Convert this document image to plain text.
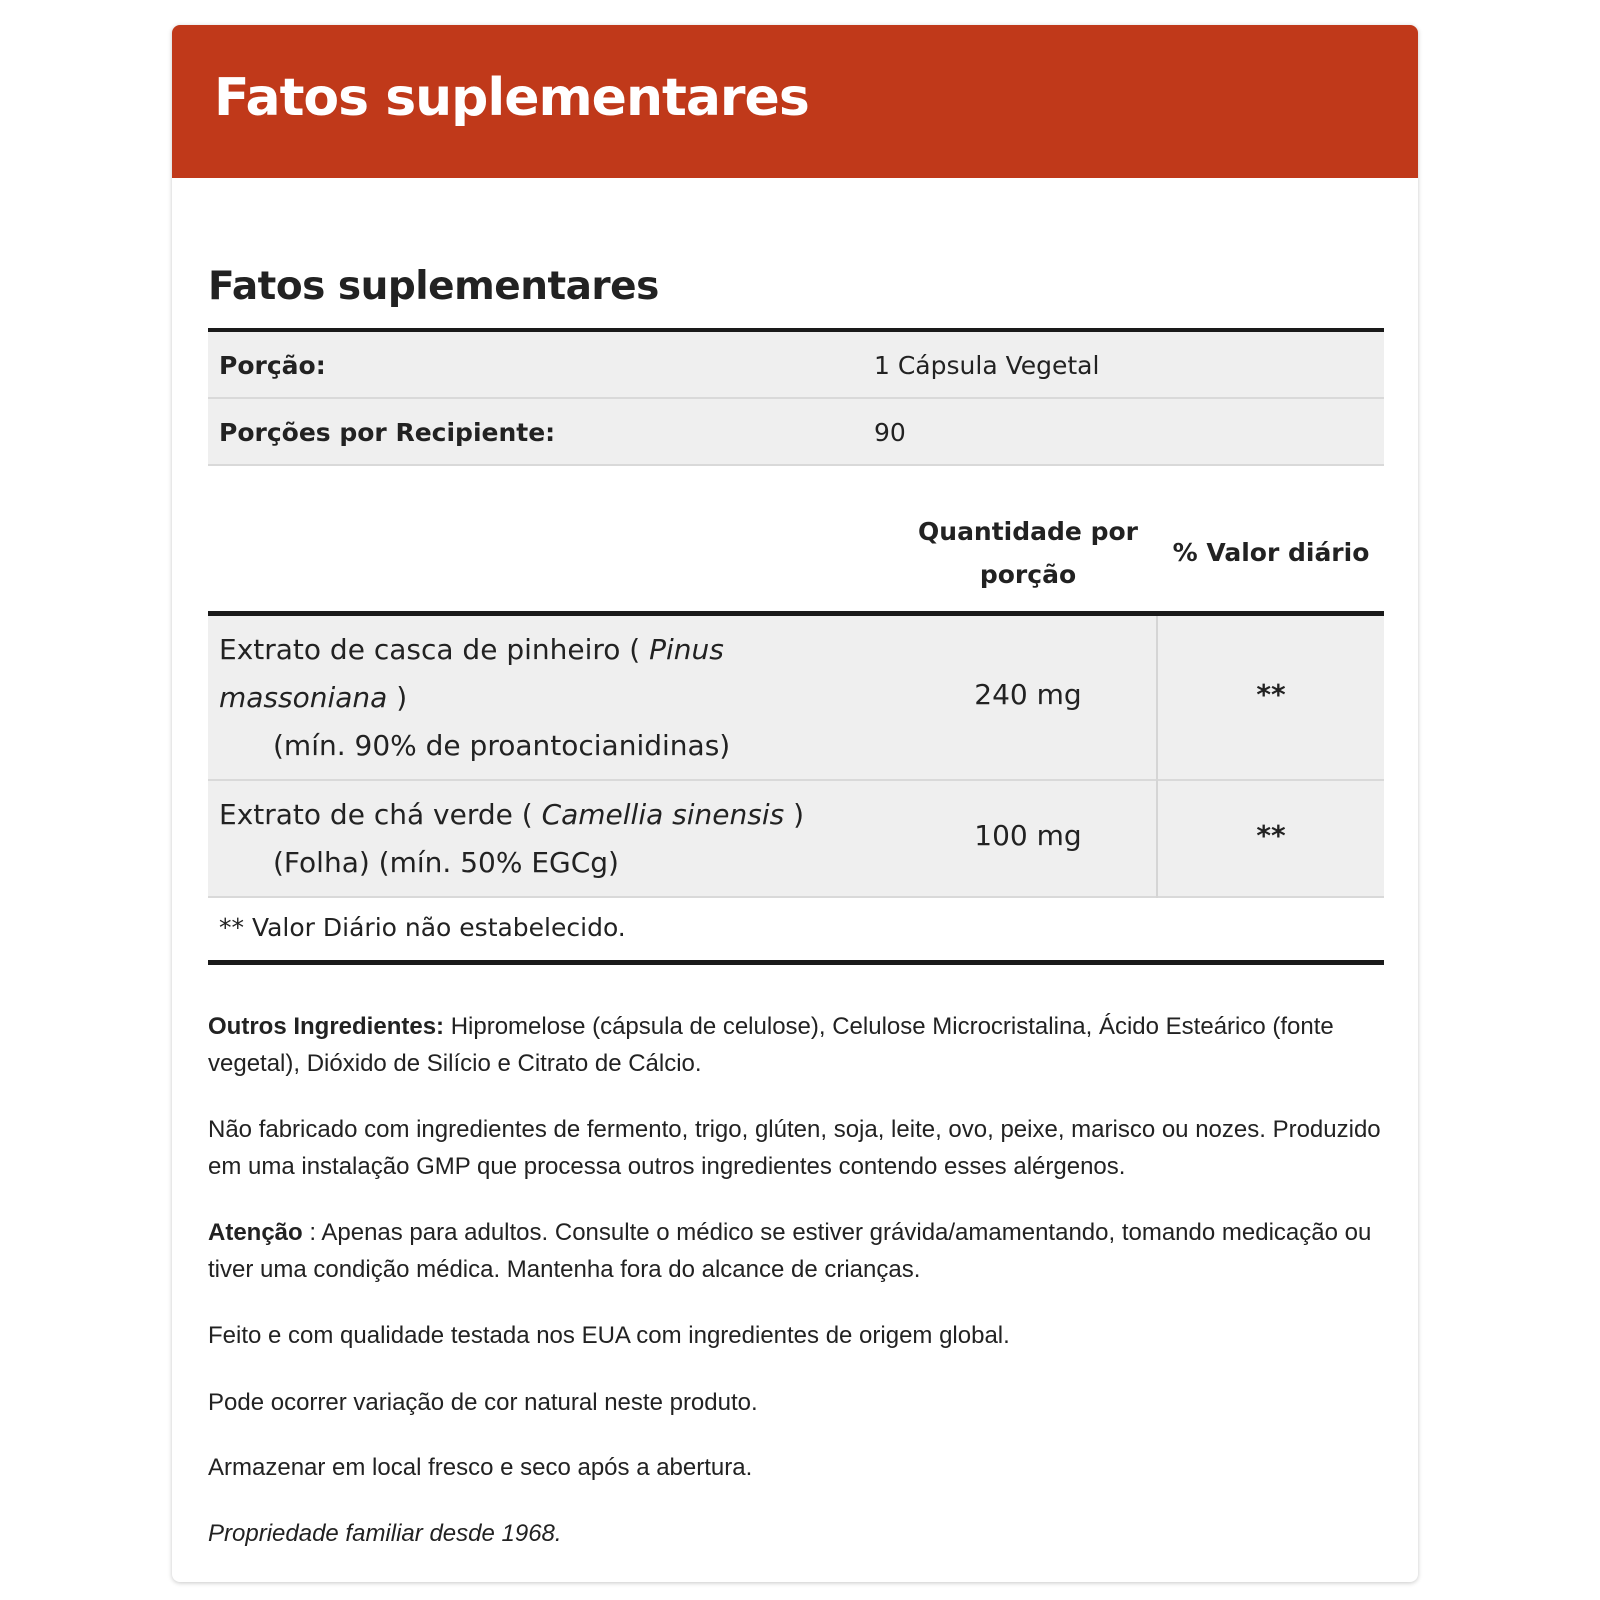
Fatos suplementares
Fatos suplementares
Porção:	1 Cápsula Vegetal
Porções por Recipiente:	90
Quantidade por
porção
% Valor diário
Extrato de casca de pinheiro ( Pinus
massoniana )
(mín. 90% de proantocianidinas)
240 mg	**
Extrato de chá verde ( Camellia sinensis )
(Folha) (mín. 50% EGCg)
100 mg	**
** Valor Diário não estabelecido.

Outros Ingredientes: Hipromelose (cápsula de celulose), Celulose Microcristalina, Ácido Esteárico (fonte vegetal), Dióxido de Silício e Citrato de Cálcio.

Não fabricado com ingredientes de fermento, trigo, glúten, soja, leite, ovo, peixe, marisco ou nozes. Produzido em uma instalação GMP que processa outros ingredientes contendo esses alérgenos.

Atenção : Apenas para adultos. Consulte o médico se estiver grávida/amamentando, tomando medicação ou tiver uma condição médica. Mantenha fora do alcance de crianças.

Feito e com qualidade testada nos EUA com ingredientes de origem global.

Pode ocorrer variação de cor natural neste produto.

Armazenar em local fresco e seco após a abertura.

Propriedade familiar desde 1968.
